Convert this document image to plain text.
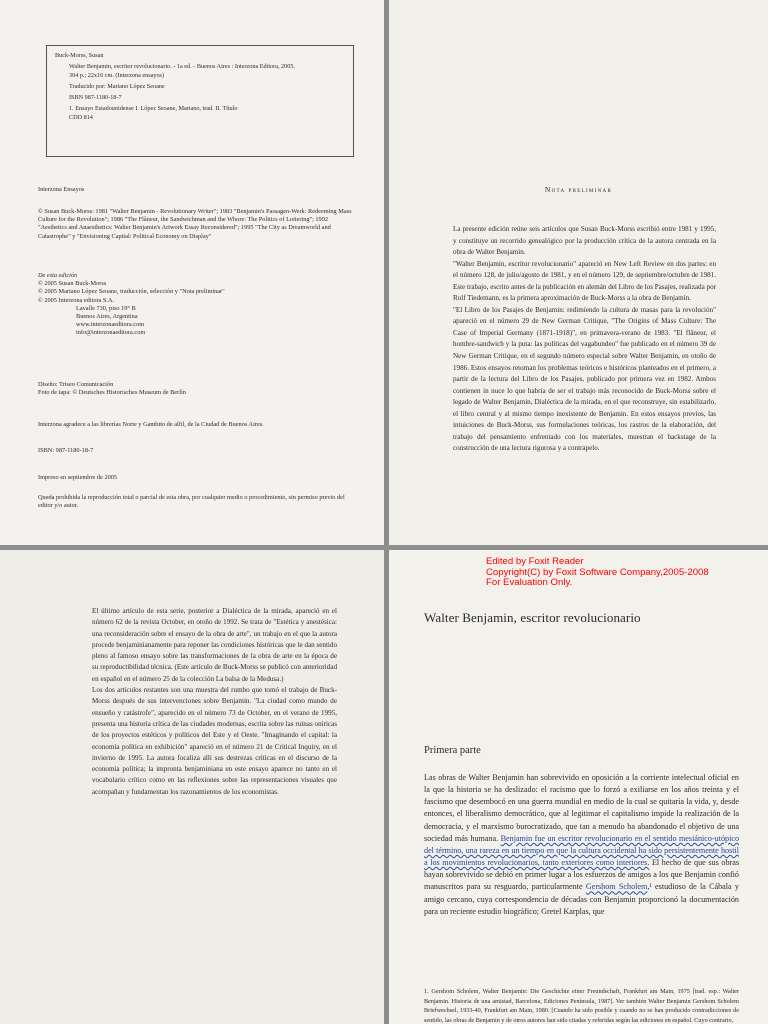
Buck-Morss, Susan

Walter Benjamin, escritor revolucionario. - 1a ed. - Buenos Aires : Interzona Editora, 2005.
304 p.; 22x16 cm. (Interzona ensayos)

Traducido por: Mariano López Seoane

ISBN 987-1180-18-7

1. Ensayo Estadounidense I. López Seoane, Mariano, trad. II. Título
CDD 814

Interzona Ensayos

© Susan Buck-Morss: 1981 "Walter Benjamin - Revolutionary Writer"; 1983 "Benjamin's Passagen-Werk: Redeeming Mass Culture for the Revolution"; 1986 "The Flâneur, the Sandwichman and the Whore: The Politics of Loitering"; 1992 "Aesthetics and Anaesthetics: Walter Benjamin's Artwork Essay Reconsidered"; 1995 "The City as Dreamworld and Catastrophe" y "Envisioning Capital: Political Economy on Display"

De esta edición

© 2005 Susan Buck-Morss

© 2005 Mariano López Seoane, traducción, selección y "Nota preliminar"

© 2005 Interzona editora S.A.

Lavalle 730, piso 19° B

Buenos Aires, Argentina

www.interzonaeditora.com

info@interzonaeditora.com

Diseño: Triseo Comunicación

Foto de tapa: © Deutsches Historisches Museum de Berlín

Interzona agradece a las librerías Norte y Gambito de alfil, de la Ciudad de Buenos Aires.

ISBN: 987-1180-18-7

Impreso en septiembre de 2005

Queda prohibida la reproducción total o parcial de esta obra, por cualquier medio o procedimiento, sin permiso previo del editor y/o autor.

Nota preliminar

La presente edición reúne seis artículos que Susan Buck-Morss escribió entre 1981 y 1995, y constituye un recorrido genealógico por la producción crítica de la autora centrada en la obra de Walter Benjamin.

"Walter Benjamin, escritor revolucionario" apareció en New Left Review en dos partes: en el número 128, de julio/agosto de 1981, y en el número 129, de septiembre/octubre de 1981. Este trabajo, escrito antes de la publicación en alemán del Libro de los Pasajes, realizada por Rolf Tiedemann, es la primera aproximación de Buck-Morss a la obra de Benjamin.

"El Libro de los Pasajes de Benjamin: redimiendo la cultura de masas para la revolución" apareció en el número 29 de New German Critique, "The Origins of Mass Culture: The Case of Imperial Germany (1871-1918)", en primavera-verano de 1983. "El flâneur, el hombre-sandwich y la puta: las políticas del vagabundeo" fue publicado en el número 39 de New German Critique, en el segundo número especial sobre Walter Benjamin, en otoño de 1986. Estos ensayos retoman los problemas teóricos e históricos planteados en el primero, a partir de la lectura del Libro de los Pasajes, publicado por primera vez en 1982. Ambos contienen in nuce lo que habría de ser el trabajo más reconocido de Buck-Morss sobre el legado de Walter Benjamin, Dialéctica de la mirada, en el que reconstruye, sin estabilizarlo, el libro central y al mismo tiempo inexistente de Benjamin. En estos ensayos previos, las intuiciones de Buck-Morss, sus formulaciones teóricas, los rastros de la elaboración, del trabajo del pensamiento enfrentado con los materiales, muestran el backstage de la construcción de una lectura rigurosa y a contrapelo.

El último artículo de esta serie, posterior a Dialéctica de la mirada, apareció en el número 62 de la revista October, en otoño de 1992. Se trata de "Estética y anestésica: una reconsideración sobre el ensayo de la obra de arte", un trabajo en el que la autora procede benjaminianamente para reponer las condiciones históricas que le dan sentido pleno al famoso ensayo sobre las transformaciones de la obra de arte en la época de su reproductibilidad técnica. (Este artículo de Buck-Morss se publicó con anterioridad en español en el número 25 de la colección La balsa de la Medusa.)

Los dos artículos restantes son una muestra del rumbo que tomó el trabajo de Buck-Morss después de sus intervenciones sobre Benjamin. "La ciudad como mundo de ensueño y catástrofe", aparecido en el número 73 de October, en el verano de 1995, presenta una historia crítica de las ciudades modernas, escrita sobre las ruinas oníricas de los proyectos estéticos y políticos del Este y el Oeste. "Imaginando el capital: la economía política en exhibición" apareció en el número 21 de Critical Inquiry, en el invierno de 1995. La autora focaliza allí sus destrezas críticas en el discurso de la economía política; la impronta benjaminiana en este ensayo aparece no tanto en el vocabulario crítico como en las reflexiones sobre las representaciones visuales que acompañan y fundamentan los razonamientos de los economistas.

Edited by Foxit Reader
Copyright(C) by Foxit Software Company,2005-2008
For Evaluation Only.
Walter Benjamin, escritor revolucionario
Primera parte

Las obras de Walter Benjamin han sobrevivido en oposición a la corriente intelectual oficial en la que la historia se ha deslizado: el racismo que lo forzó a exiliarse en los años treinta y el fascismo que desembocó en una guerra mundial en medio de la cual se quitaría la vida, y, desde entonces, el liberalismo democrático, que al legitimar el capitalismo impide la realización de la democracia, y el marxismo burocratizado, que tan a menudo ha abandonado el objetivo de una sociedad más humana. Benjamin fue un escritor revolucionario en el sentido mesiánico-utópico del término, una rareza en un tiempo en que la cultura occidental ha sido persistentemente hostil a los movimientos revolucionarios, tanto exteriores como interiores. El hecho de que sus obras hayan sobrevivido se debió en primer lugar a los esfuerzos de amigos a los que Benjamin confió manuscritos para su resguardo, particularmente Gershom Scholem,¹ estudioso de la Cábala y amigo cercano, cuya correspondencia de décadas con Benjamin proporcionó la documentación para un reciente estudio biográfico; Gretel Karplas, que

1. Gershom Scholem, Walter Benjamin: Die Geschichte einer Freundschaft, Frankfurt am Main, 1975 [trad. esp.: Walter Benjamin. Historia de una amistad, Barcelona, Ediciones Península, 1987]. Ver también Walter Benjamin Gershom Scholem Briefwechsel, 1933-40, Frankfurt am Main, 1980. [Cuando ha sido posible y cuando no se han producido contradicciones de sentido, las obras de Benjamin y de otros autores han sido citadas y referidas según las ediciones en español. Cuyo contrario,
